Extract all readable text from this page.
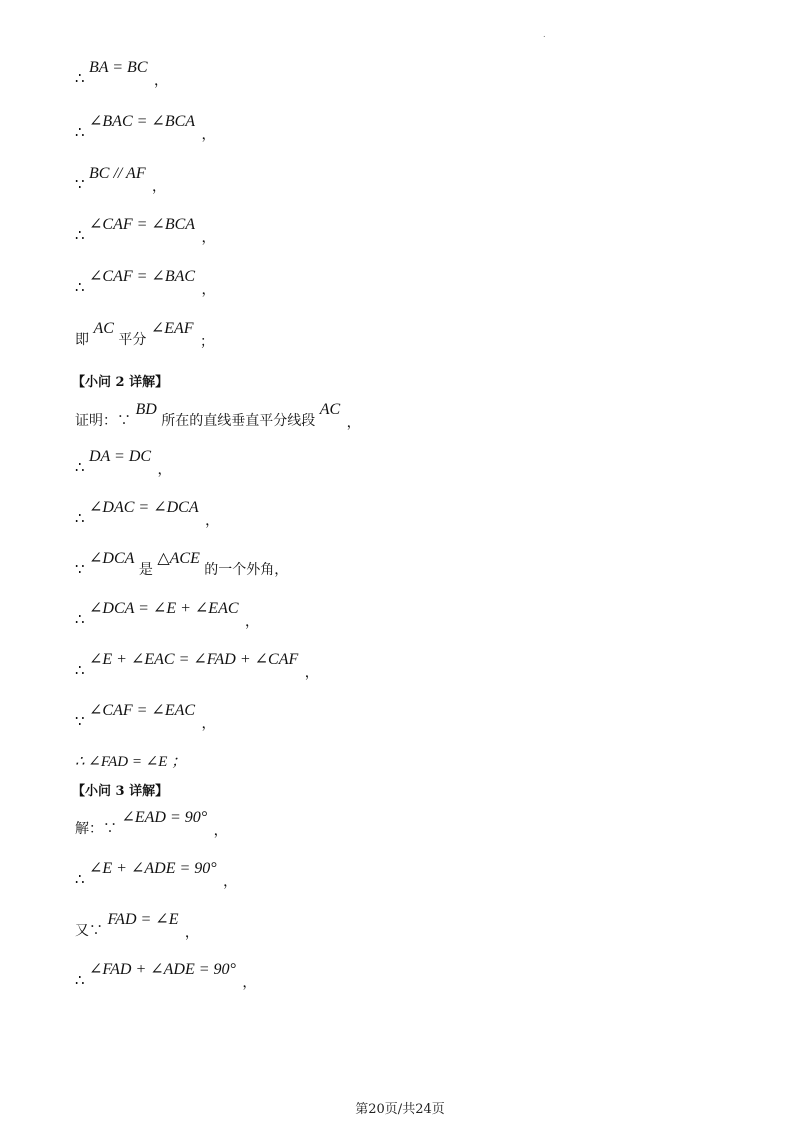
.
∴ BA = BC ，
∴ ∠BAC = ∠BCA ，
∵ BC // AF ，
∴ ∠CAF = ∠BCA ，
∴ ∠CAF = ∠BAC ，
即 AC 平分 ∠EAF ；
【小问 2 详解】
证明：∵ BD 所在的直线垂直平分线段 AC ，
∴ DA = DC ，
∴ ∠DAC = ∠DCA ，
∵ ∠DCA 是 △ACE 的一个外角，
∴ ∠DCA = ∠E + ∠EAC ，
∴ ∠E + ∠EAC = ∠FAD + ∠CAF ，
∵ ∠CAF = ∠EAC ，
∴ ∠FAD = ∠E ；
【小问 3 详解】
解：∵ ∠EAD = 90° ，
∴ ∠E + ∠ADE = 90° ，
又∵ FAD = ∠E ，
∴ ∠FAD + ∠ADE = 90° ，
第20页/共24页
